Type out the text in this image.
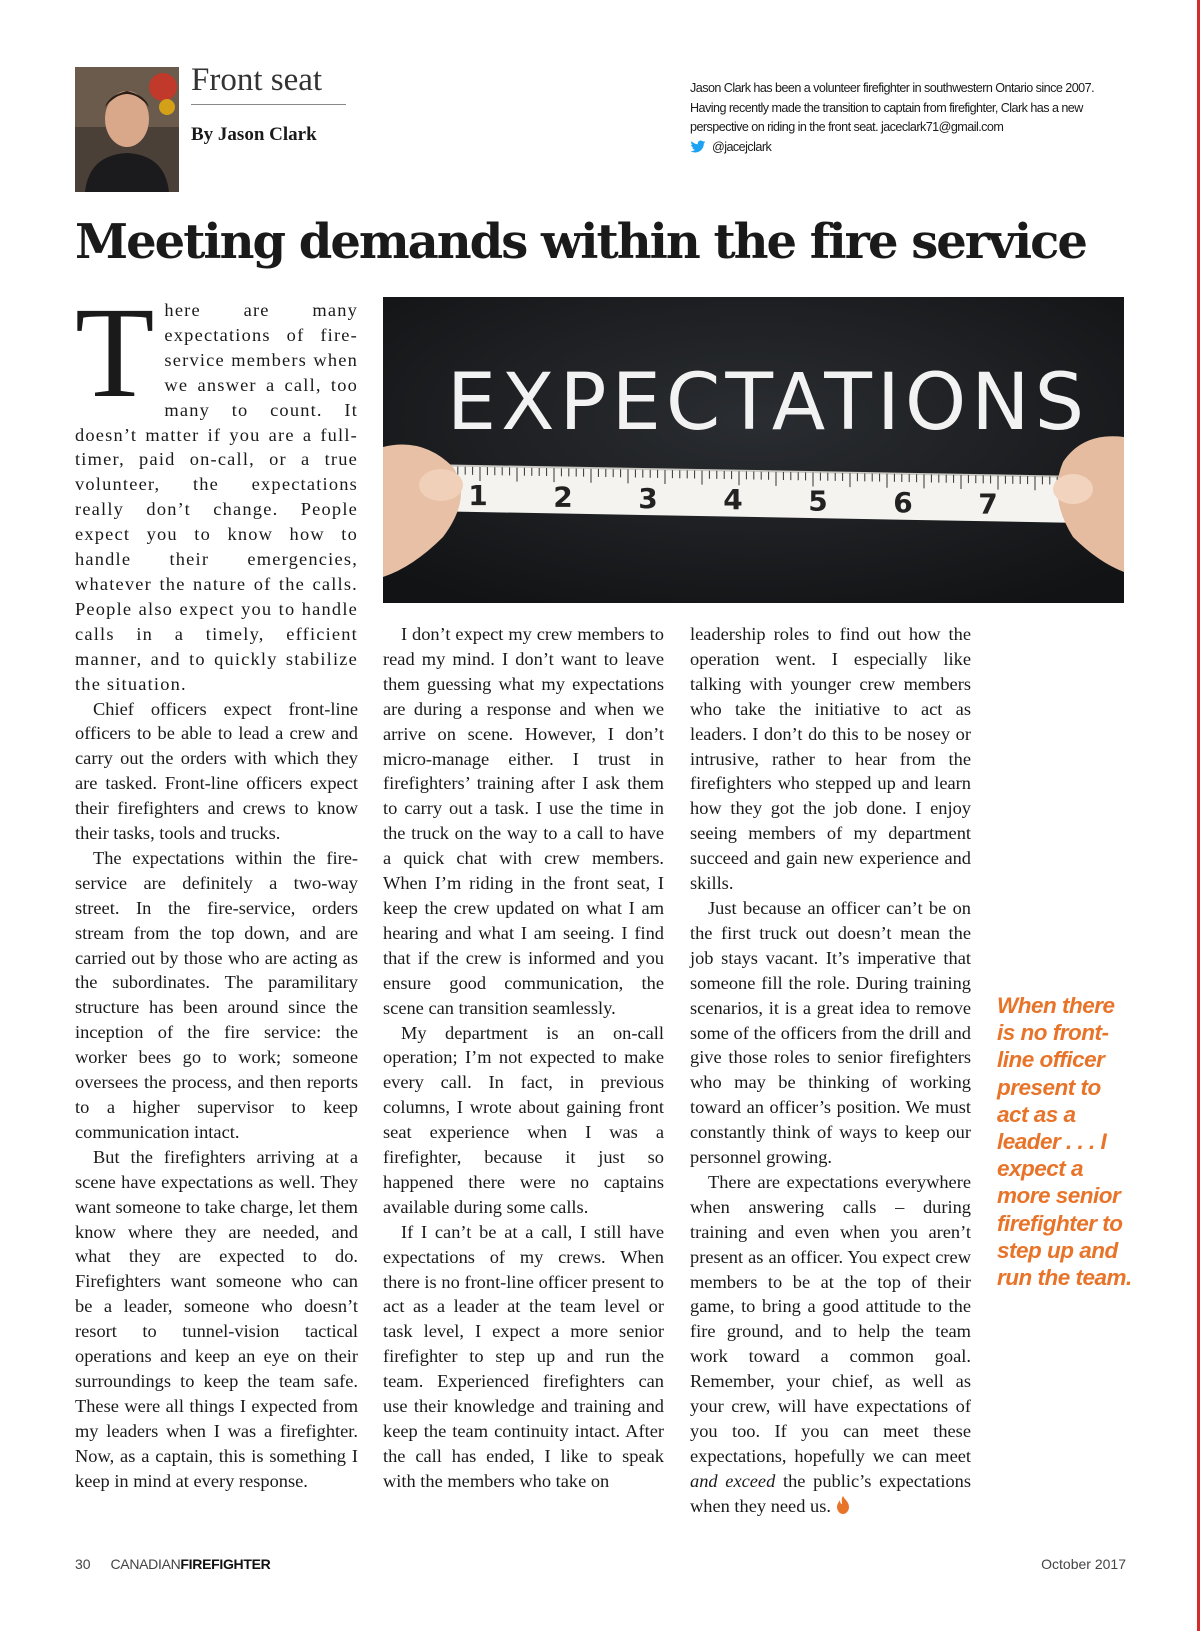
Front seat
By Jason Clark
Jason Clark has been a volunteer firefighter in southwestern Ontario since 2007. Having recently made the transition to captain from firefighter, Clark has a new perspective on riding in the front seat. jaceclark71@gmail.com
@jacejclark
Meeting demands within the fire service
EXPECTATIONS
1 2 3 4 5 6 7
T here are many expectations of fire-service members when we answer a call, too many to count. It doesn’t matter if you are a full-timer, paid on-call, or a true volunteer, the expectations really don’t change. People expect you to know how to handle their emergencies, whatever the nature of the calls. People also expect you to handle calls in a timely, efficient manner, and to quickly stabilize the situation.

Chief officers expect front-line officers to be able to lead a crew and carry out the orders with which they are tasked. Front-line officers expect their firefighters and crews to know their tasks, tools and trucks.

The expectations within the fire-service are definitely a two-way street. In the fire-service, orders stream from the top down, and are carried out by those who are acting as the subordinates. The paramilitary structure has been around since the inception of the fire service: the worker bees go to work; someone oversees the process, and then reports to a higher supervisor to keep communication intact.

But the firefighters arriving at a scene have expectations as well. They want someone to take charge, let them know where they are needed, and what they are expected to do. Firefighters want someone who can be a leader, someone who doesn’t resort to tunnel-vision tactical operations and keep an eye on their surroundings to keep the team safe. These were all things I expected from my leaders when I was a firefighter. Now, as a captain, this is something I keep in mind at every response.

I don’t expect my crew members to read my mind. I don’t want to leave them guessing what my expectations are during a response and when we arrive on scene. However, I don’t micro-manage either. I trust in firefighters’ training after I ask them to carry out a task. I use the time in the truck on the way to a call to have a quick chat with crew members. When I’m riding in the front seat, I keep the crew updated on what I am hearing and what I am seeing. I find that if the crew is informed and you ensure good communication, the scene can transition seamlessly.

My department is an on-call operation; I’m not expected to make every call. In fact, in previous columns, I wrote about gaining front seat experience when I was a firefighter, because it just so happened there were no captains available during some calls.

If I can’t be at a call, I still have expectations of my crews. When there is no front-line officer present to act as a leader at the team level or task level, I expect a more senior firefighter to step up and run the team. Experienced firefighters can use their knowledge and training and keep the team continuity intact. After the call has ended, I like to speak with the members who take on

leadership roles to find out how the operation went. I especially like talking with younger crew members who take the initiative to act as leaders. I don’t do this to be nosey or intrusive, rather to hear from the firefighters who stepped up and learn how they got the job done. I enjoy seeing members of my department succeed and gain new experience and skills.

Just because an officer can’t be on the first truck out doesn’t mean the job stays vacant. It’s imperative that someone fill the role. During training scenarios, it is a great idea to remove some of the officers from the drill and give those roles to senior firefighters who may be thinking of working toward an officer’s position. We must constantly think of ways to keep our personnel growing.

There are expectations everywhere when answering calls – during training and even when you aren’t present as an officer. You expect crew members to be at the top of their game, to bring a good attitude to the fire ground, and to help the team work toward a common goal. Remember, your chief, as well as your crew, will have expectations of you too. If you can meet these expectations, hopefully we can meet and exceed the public’s expectations when they need us.

When there is no front-line officer present to act as a leader . . . I expect a more senior firefighter to step up and run the team.
30 CANADIANFIREFIGHTER	October 2017
